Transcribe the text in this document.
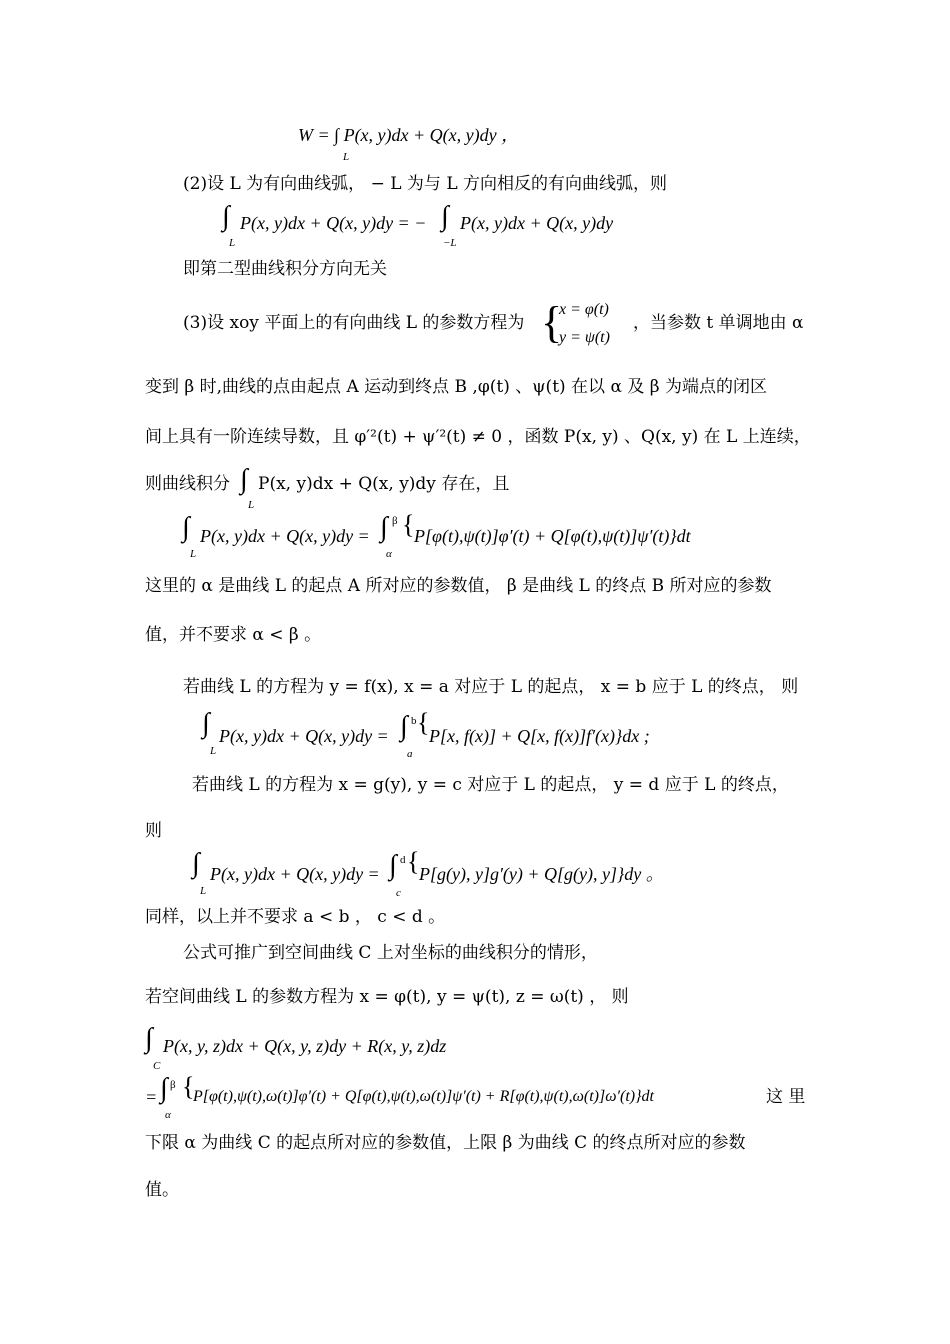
W = ∫ P(x, y)dx + Q(x, y)dy ，
L
(2)设 L 为有向曲线弧， − L 为与 L 方向相反的有向曲线弧，则
∫
L
P(x, y)dx + Q(x, y)dy = − ∫
−L
P(x, y)dx + Q(x, y)dy
即第二型曲线积分方向无关
(3)设 xoy 平面上的有向曲线 L 的参数方程为 {
x = φ(t)
y = ψ(t)
，当参数 t 单调地由 α
变到 β 时,曲线的点由起点 A 运动到终点 B ,φ(t) 、ψ(t) 在以 α 及 β 为端点的闭区
间上具有一阶连续导数，且 φ′²(t) + ψ′²(t) ≠ 0 ，函数 P(x, y) 、Q(x, y) 在 L 上连续，
则曲线积分 ∫
L
P(x, y)dx + Q(x, y)dy 存在，且
∫
L
P(x, y)dx + Q(x, y)dy = ∫ β
α
{ P[φ(t),ψ(t)]φ′(t) + Q[φ(t),ψ(t)]ψ′(t)}dt
这里的 α 是曲线 L 的起点 A 所对应的参数值， β 是曲线 L 的终点 B 所对应的参数
值，并不要求 α < β 。
若曲线 L 的方程为 y = f(x), x = a 对应于 L 的起点， x = b 应于 L 的终点， 则
∫
L
P(x, y)dx + Q(x, y)dy = ∫ b
a
{ P[x, f(x)] + Q[x, f(x)]f′(x)}dx ;
若曲线 L 的方程为 x = g(y), y = c 对应于 L 的起点， y = d 应于 L 的终点，
则
∫
L
P(x, y)dx + Q(x, y)dy = ∫ d
c
{ P[g(y), y]g′(y) + Q[g(y), y]}dy 。
同样，以上并不要求 a < b ， c < d 。
公式可推广到空间曲线 C 上对坐标的曲线积分的情形，
若空间曲线 L 的参数方程为 x = φ(t), y = ψ(t), z = ω(t) ， 则
∫
C
P(x, y, z)dx + Q(x, y, z)dy + R(x, y, z)dz
= ∫ β
α
{
P[φ(t),ψ(t),ω(t)]φ′(t) + Q[φ(t),ψ(t),ω(t)]ψ′(t) + R[φ(t),ψ(t),ω(t)]ω′(t)}dt	这 里
下限 α 为曲线 C 的起点所对应的参数值，上限 β 为曲线 C 的终点所对应的参数
值。
